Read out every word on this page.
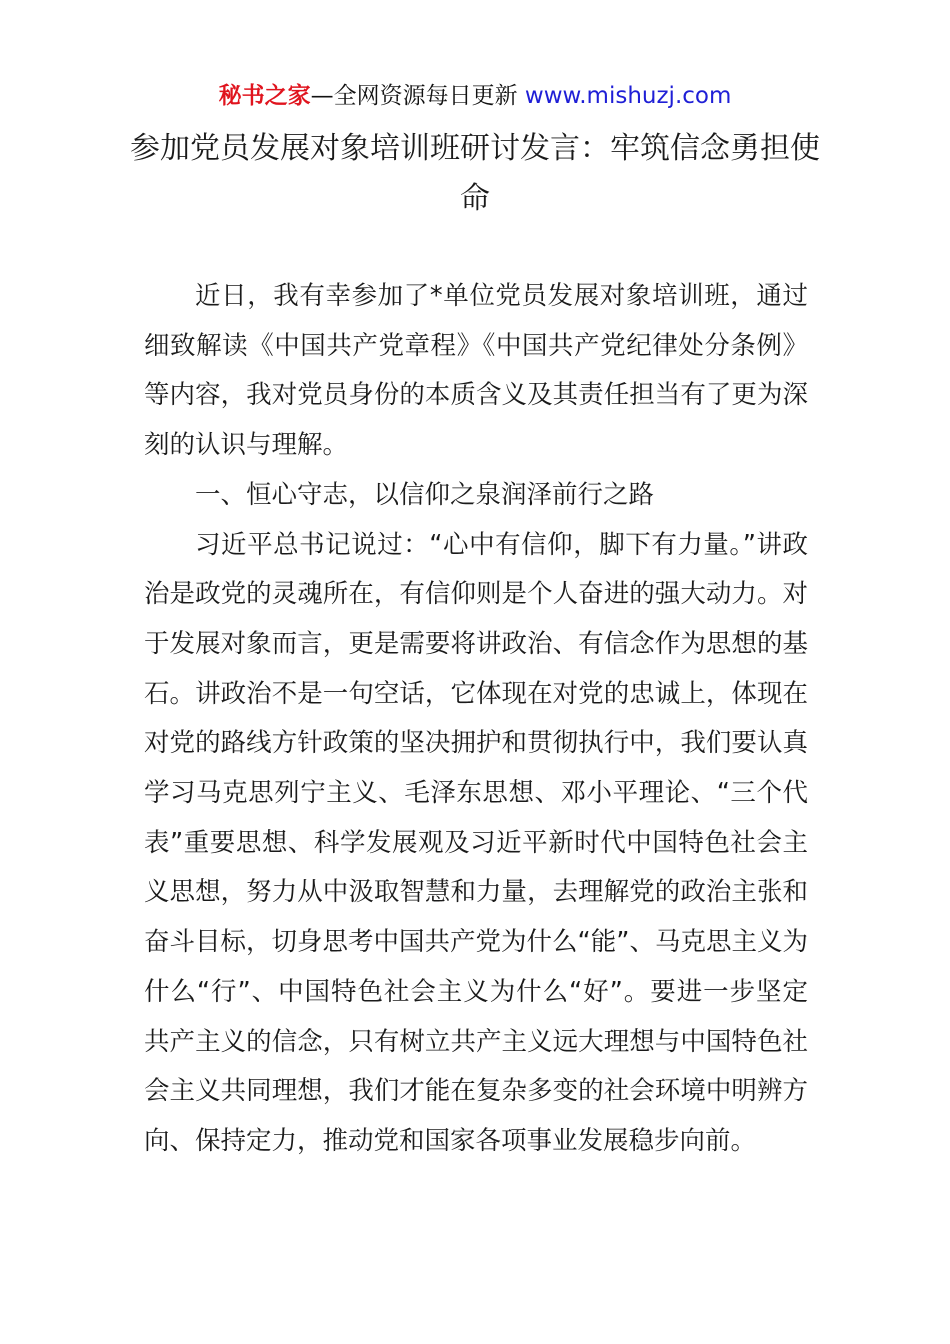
秘书之家—全网资源每日更新 www.mishuzj.com
参加党员发展对象培训班研讨发言：牢筑信念勇担使命

近日，我有幸参加了*单位党员发展对象培训班，通过细致解读《中国共产党章程》《中国共产党纪律处分条例》等内容，我对党员身份的本质含义及其责任担当有了更为深刻的认识与理解。

一、恒心守志，以信仰之泉润泽前行之路

习近平总书记说过：“心中有信仰，脚下有力量。”讲政治是政党的灵魂所在，有信仰则是个人奋进的强大动力。对于发展对象而言，更是需要将讲政治、有信念作为思想的基石。讲政治不是一句空话，它体现在对党的忠诚上，体现在对党的路线方针政策的坚决拥护和贯彻执行中，我们要认真学习马克思列宁主义、毛泽东思想、邓小平理论、“三个代表”重要思想、科学发展观及习近平新时代中国特色社会主义思想，努力从中汲取智慧和力量，去理解党的政治主张和奋斗目标，切身思考中国共产党为什么“能”、马克思主义为什么“行”、中国特色社会主义为什么“好”。要进一步坚定共产主义的信念，只有树立共产主义远大理想与中国特色社会主义共同理想，我们才能在复杂多变的社会环境中明辨方向、保持定力，推动党和国家各项事业发展稳步向前。
